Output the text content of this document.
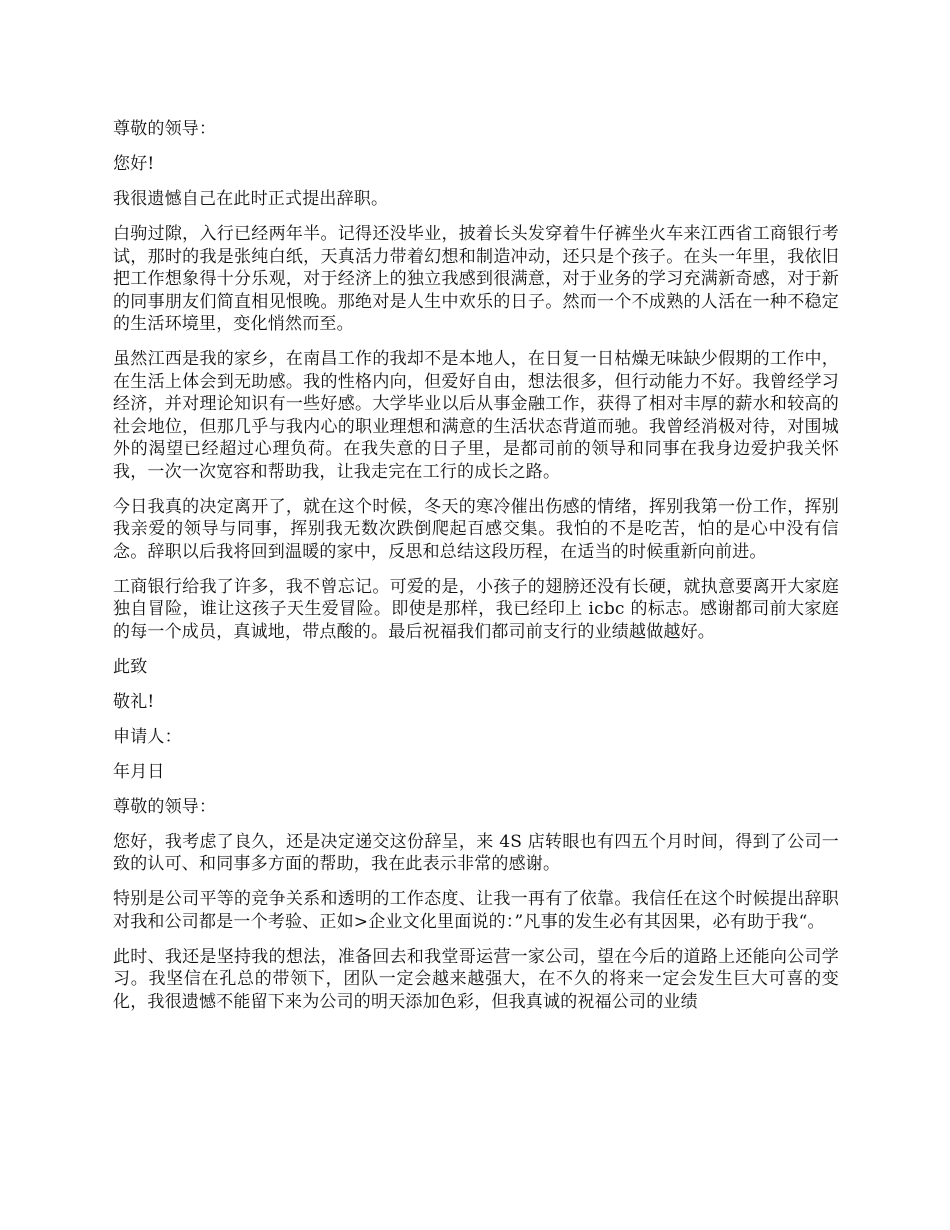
尊敬的领导：

您好!

我很遗憾自己在此时正式提出辞职。

白驹过隙，入行已经两年半。记得还没毕业，披着长头发穿着牛仔裤坐火车来江西省工商银行考试，那时的我是张纯白纸，天真活力带着幻想和制造冲动，还只是个孩子。在头一年里，我依旧把工作想象得十分乐观，对于经济上的独立我感到很满意，对于业务的学习充满新奇感，对于新的同事朋友们简直相见恨晚。那绝对是人生中欢乐的日子。然而一个不成熟的人活在一种不稳定的生活环境里，变化悄然而至。

虽然江西是我的家乡，在南昌工作的我却不是本地人，在日复一日枯燥无味缺少假期的工作中，在生活上体会到无助感。我的性格内向，但爱好自由，想法很多，但行动能力不好。我曾经学习经济，并对理论知识有一些好感。大学毕业以后从事金融工作，获得了相对丰厚的薪水和较高的社会地位，但那几乎与我内心的职业理想和满意的生活状态背道而驰。我曾经消极对待，对围城外的渴望已经超过心理负荷。在我失意的日子里，是都司前的领导和同事在我身边爱护我关怀我，一次一次宽容和帮助我，让我走完在工行的成长之路。

今日我真的决定离开了，就在这个时候，冬天的寒冷催出伤感的情绪，挥别我第一份工作，挥别我亲爱的领导与同事，挥别我无数次跌倒爬起百感交集。我怕的不是吃苦，怕的是心中没有信念。辞职以后我将回到温暖的家中，反思和总结这段历程，在适当的时候重新向前进。

工商银行给我了许多，我不曾忘记。可爱的是，小孩子的翅膀还没有长硬，就执意要离开大家庭独自冒险，谁让这孩子天生爱冒险。即使是那样，我已经印上 icbc 的标志。感谢都司前大家庭的每一个成员，真诚地，带点酸的。最后祝福我们都司前支行的业绩越做越好。

此致

敬礼!

申请人：

年月日

尊敬的领导：

您好，我考虑了良久，还是决定递交这份辞呈，来 4S 店转眼也有四五个月时间，得到了公司一致的认可、和同事多方面的帮助，我在此表示非常的感谢。

特别是公司平等的竞争关系和透明的工作态度、让我一再有了依靠。我信任在这个时候提出辞职对我和公司都是一个考验、正如>企业文化里面说的：”凡事的发生必有其因果，必有助于我“。

此时、我还是坚持我的想法，准备回去和我堂哥运营一家公司，望在今后的道路上还能向公司学习。我坚信在孔总的带领下，团队一定会越来越强大，在不久的将来一定会发生巨大可喜的变化，我很遗憾不能留下来为公司的明天添加色彩，但我真诚的祝福公司的业绩
